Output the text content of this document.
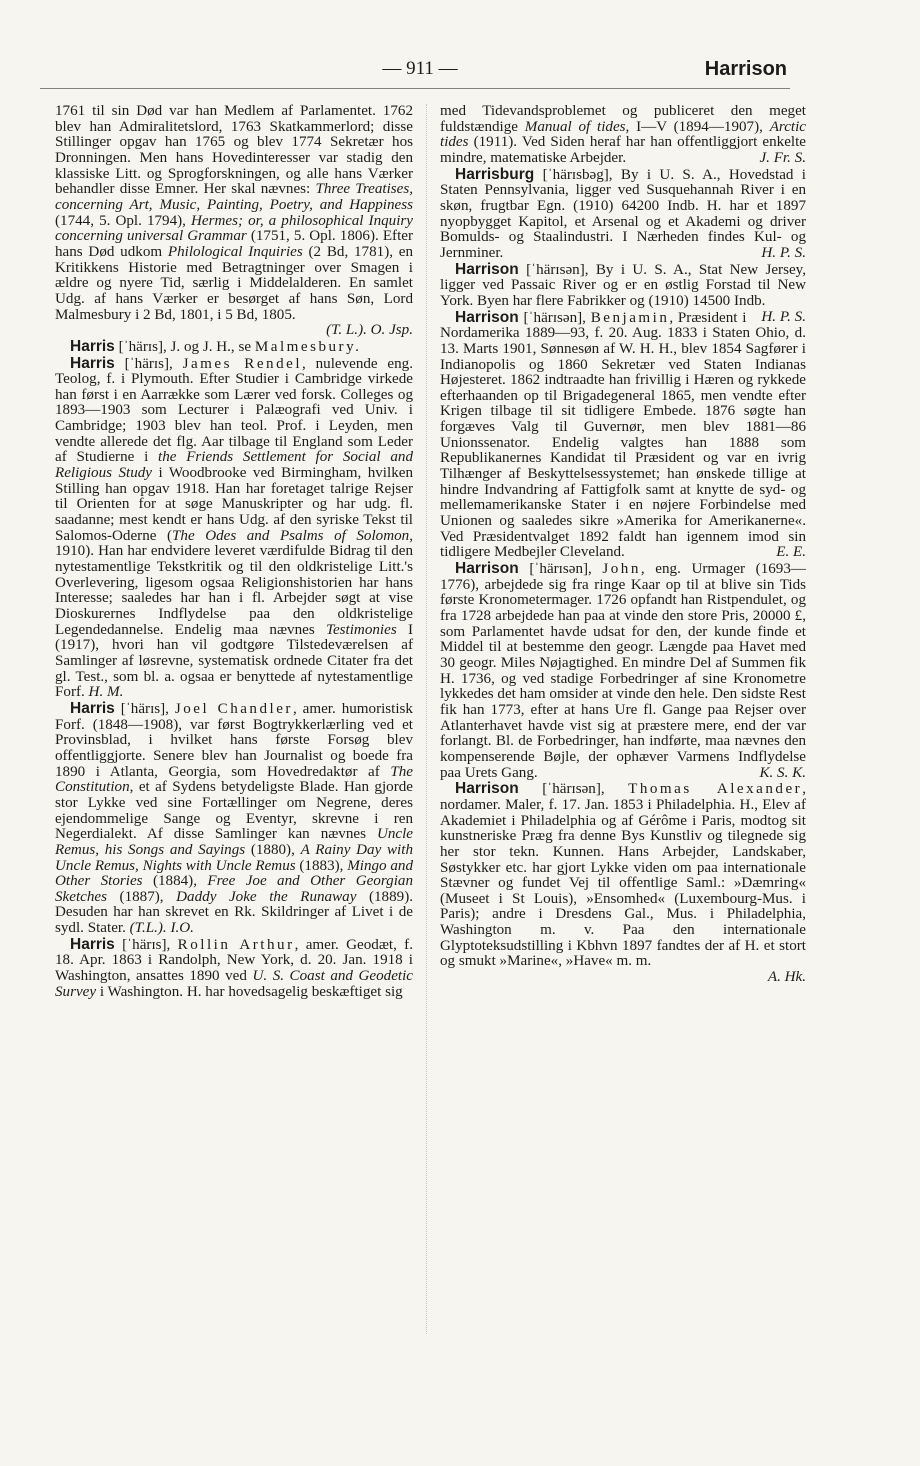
— 911 —	Harrison

1761 til sin Død var han Medlem af Parlamentet. 1762 blev han Admiralitetslord, 1763 Skatkammerlord; disse Stillinger opgav han 1765 og blev 1774 Sekretær hos Dronningen. Men hans Hovedinteresser var stadig den klassiske Litt. og Sprogforskningen, og alle hans Værker behandler disse Emner. Her skal nævnes: Three Treatises, concerning Art, Music, Painting, Poetry, and Happiness (1744, 5. Opl. 1794), Hermes; or, a philosophical Inquiry concerning universal Grammar (1751, 5. Opl. 1806). Efter hans Død udkom Philological Inquiries (2 Bd, 1781), en Kritikkens Historie med Betragtninger over Smagen i ældre og nyere Tid, særlig i Middelalderen. En samlet Udg. af hans Værker er besørget af hans Søn, Lord Malmesbury i 2 Bd, 1801, i 5 Bd, 1805.
(T. L.). O. Jsp.

Harris [ˈhärɪs], J. og J. H., se Malmesbury.

Harris [ˈhärɪs], James Rendel, nulevende eng. Teolog, f. i Plymouth. Efter Studier i Cambridge virkede han først i en Aarrække som Lærer ved forsk. Colleges og 1893—1903 som Lecturer i Palæografi ved Univ. i Cambridge; 1903 blev han teol. Prof. i Leyden, men vendte allerede det flg. Aar tilbage til England som Leder af Studierne i the Friends Settlement for Social and Religious Study i Woodbrooke ved Birmingham, hvilken Stilling han opgav 1918. Han har foretaget talrige Rejser til Orienten for at søge Manuskripter og har udg. fl. saadanne; mest kendt er hans Udg. af den syriske Tekst til Salomos-Oderne (The Odes and Psalms of Solomon, 1910). Han har endvidere leveret værdifulde Bidrag til den nytestamentlige Tekstkritik og til den oldkristelige Litt.'s Overlevering, ligesom ogsaa Religionshistorien har hans Interesse; saaledes har han i fl. Arbejder søgt at vise Dioskurernes Indflydelse paa den oldkristelige Legendedannelse. Endelig maa nævnes Testimonies I (1917), hvori han vil godtgøre Tilstedeværelsen af Samlinger af løsrevne, systematisk ordnede Citater fra det gl. Test., som bl. a. ogsaa er benyttede af nytestamentlige Forf. H. M.

Harris [ˈhärɪs], Joel Chandler, amer. humoristisk Forf. (1848—1908), var først Bogtrykkerlærling ved et Provinsblad, i hvilket hans første Forsøg blev offentliggjorte. Senere blev han Journalist og boede fra 1890 i Atlanta, Georgia, som Hovedredaktør af The Constitution, et af Sydens betydeligste Blade. Han gjorde stor Lykke ved sine Fortællinger om Negrene, deres ejendommelige Sange og Eventyr, skrevne i ren Negerdialekt. Af disse Samlinger kan nævnes Uncle Remus, his Songs and Sayings (1880), A Rainy Day with Uncle Remus, Nights with Uncle Remus (1883), Mingo and Other Stories (1884), Free Joe and Other Georgian Sketches (1887), Daddy Joke the Runaway (1889). Desuden har han skrevet en Rk. Skildringer af Livet i de sydl. Stater. (T.L.). I.O.

Harris [ˈhärɪs], Rollin Arthur, amer. Geodæt, f. 18. Apr. 1863 i Randolph, New York, d. 20. Jan. 1918 i Washington, ansattes 1890 ved U. S. Coast and Geodetic Survey i Washington. H. har hovedsagelig beskæftiget sig

med Tidevandsproblemet og publiceret den meget fuldstændige Manual of tides, I—V (1894—1907), Arctic tides (1911). Ved Siden heraf har han offentliggjort enkelte mindre, matematiske Arbejder.	J. Fr. S.

Harrisburg [ˈhärɪsbəg], By i U. S. A., Hovedstad i Staten Pennsylvania, ligger ved Susquehannah River i en skøn, frugtbar Egn. (1910) 64200 Indb. H. har et 1897 nyopbygget Kapitol, et Arsenal og et Akademi og driver Bomulds- og Staalindustri. I Nærheden findes Kul- og Jernminer.	H. P. S.

Harrison [ˈhärɪsən], By i U. S. A., Stat New Jersey, ligger ved Passaic River og er en østlig Forstad til New York. Byen har flere Fabrikker og (1910) 14500 Indb.
H. P. S.

Harrison [ˈhärɪsən], Benjamin, Præsident i Nordamerika 1889—93, f. 20. Aug. 1833 i Staten Ohio, d. 13. Marts 1901, Sønnesøn af W. H. H., blev 1854 Sagfører i Indianopolis og 1860 Sekretær ved Staten Indianas Højesteret. 1862 indtraadte han frivillig i Hæren og rykkede efterhaanden op til Brigadegeneral 1865, men vendte efter Krigen tilbage til sit tidligere Embede. 1876 søgte han forgæves Valg til Guvernør, men blev 1881—86 Unionssenator. Endelig valgtes han 1888 som Republikanernes Kandidat til Præsident og var en ivrig Tilhænger af Beskyttelsessystemet; han ønskede tillige at hindre Indvandring af Fattigfolk samt at knytte de syd- og mellemamerikanske Stater i en nøjere Forbindelse med Unionen og saaledes sikre »Amerika for Amerikanerne«. Ved Præsidentvalget 1892 faldt han igennem imod sin tidligere Medbejler Cleveland.	E. E.

Harrison [ˈhärɪsən], John, eng. Urmager (1693—1776), arbejdede sig fra ringe Kaar op til at blive sin Tids første Kronometermager. 1726 opfandt han Ristpendulet, og fra 1728 arbejdede han paa at vinde den store Pris, 20000 £, som Parlamentet havde udsat for den, der kunde finde et Middel til at bestemme den geogr. Længde paa Havet med 30 geogr. Miles Nøjagtighed. En mindre Del af Summen fik H. 1736, og ved stadige Forbedringer af sine Kronometre lykkedes det ham omsider at vinde den hele. Den sidste Rest fik han 1773, efter at hans Ure fl. Gange paa Rejser over Atlanterhavet havde vist sig at præstere mere, end der var forlangt. Bl. de Forbedringer, han indførte, maa nævnes den kompenserende Bøjle, der ophæver Varmens Indflydelse paa Urets Gang.	K. S. K.

Harrison [ˈhärɪsən], Thomas Alexander, nordamer. Maler, f. 17. Jan. 1853 i Philadelphia. H., Elev af Akademiet i Philadelphia og af Gérôme i Paris, modtog sit kunstneriske Præg fra denne Bys Kunstliv og tilegnede sig her stor tekn. Kunnen. Hans Arbejder, Landskaber, Søstykker etc. har gjort Lykke viden om paa internationale Stævner og fundet Vej til offentlige Saml.: »Dæmring« (Museet i St Louis), »Ensomhed« (Luxembourg-Mus. i Paris); andre i Dresdens Gal., Mus. i Philadelphia, Washington m. v. Paa den internationale Glyptoteksudstilling i Kbhvn 1897 fandtes der af H. et stort og smukt »Marine«, »Have« m. m.
A. Hk.
